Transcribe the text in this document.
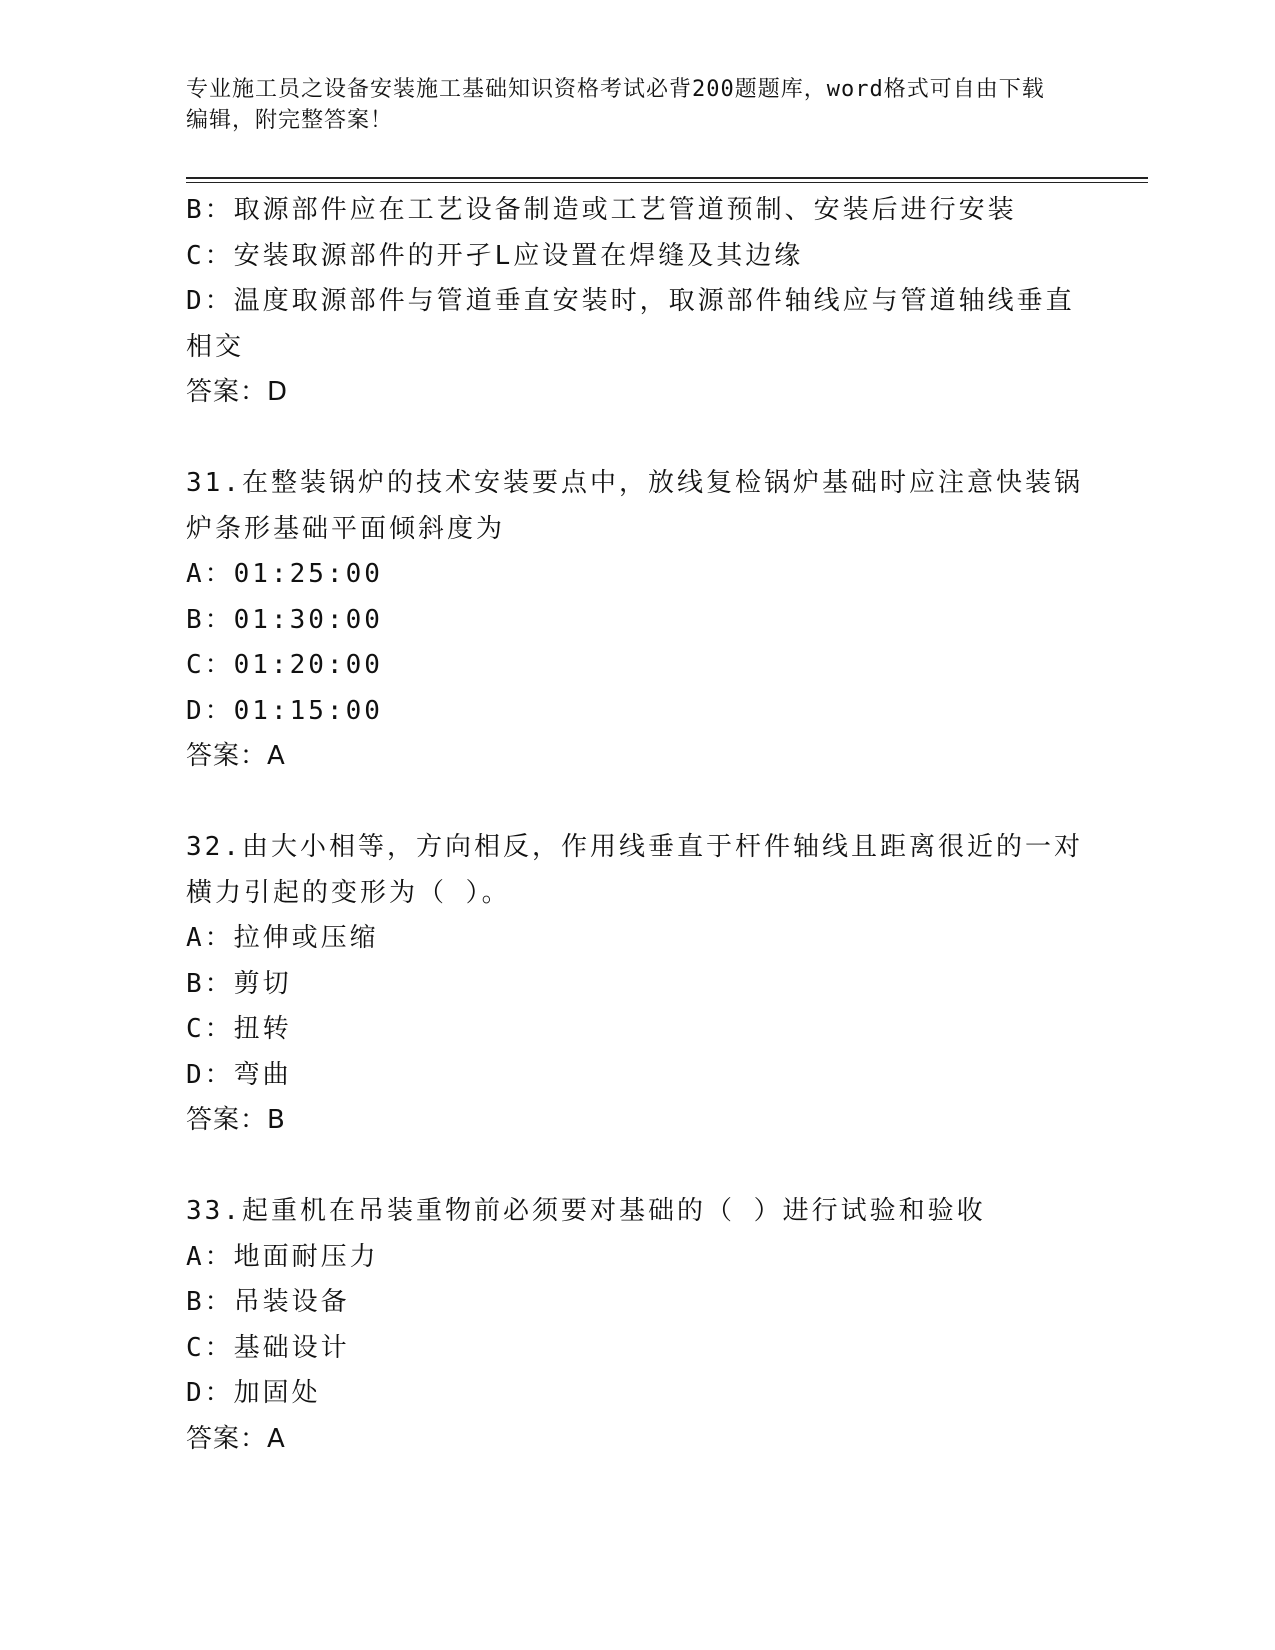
专业施工员之设备安装施工基础知识资格考试必背200题题库，word格式可自由下载编辑，附完整答案！
B：取源部件应在工艺设备制造或工艺管道预制、安装后进行安装
C：安装取源部件的开孑L应设置在焊缝及其边缘
D：温度取源部件与管道垂直安装时，取源部件轴线应与管道轴线垂直
相交
答案：D
31.在整装锅炉的技术安装要点中，放线复检锅炉基础时应注意快装锅
炉条形基础平面倾斜度为
A：01:25:00
B：01:30:00
C：01:20:00
D：01:15:00
答案：A
32.由大小相等，方向相反，作用线垂直于杆件轴线且距离很近的一对
横力引起的变形为（ ）。
A：拉伸或压缩
B：剪切
C：扭转
D：弯曲
答案：B
33.起重机在吊装重物前必须要对基础的（ ）进行试验和验收
A：地面耐压力
B：吊装设备
C：基础设计
D：加固处
答案：A
